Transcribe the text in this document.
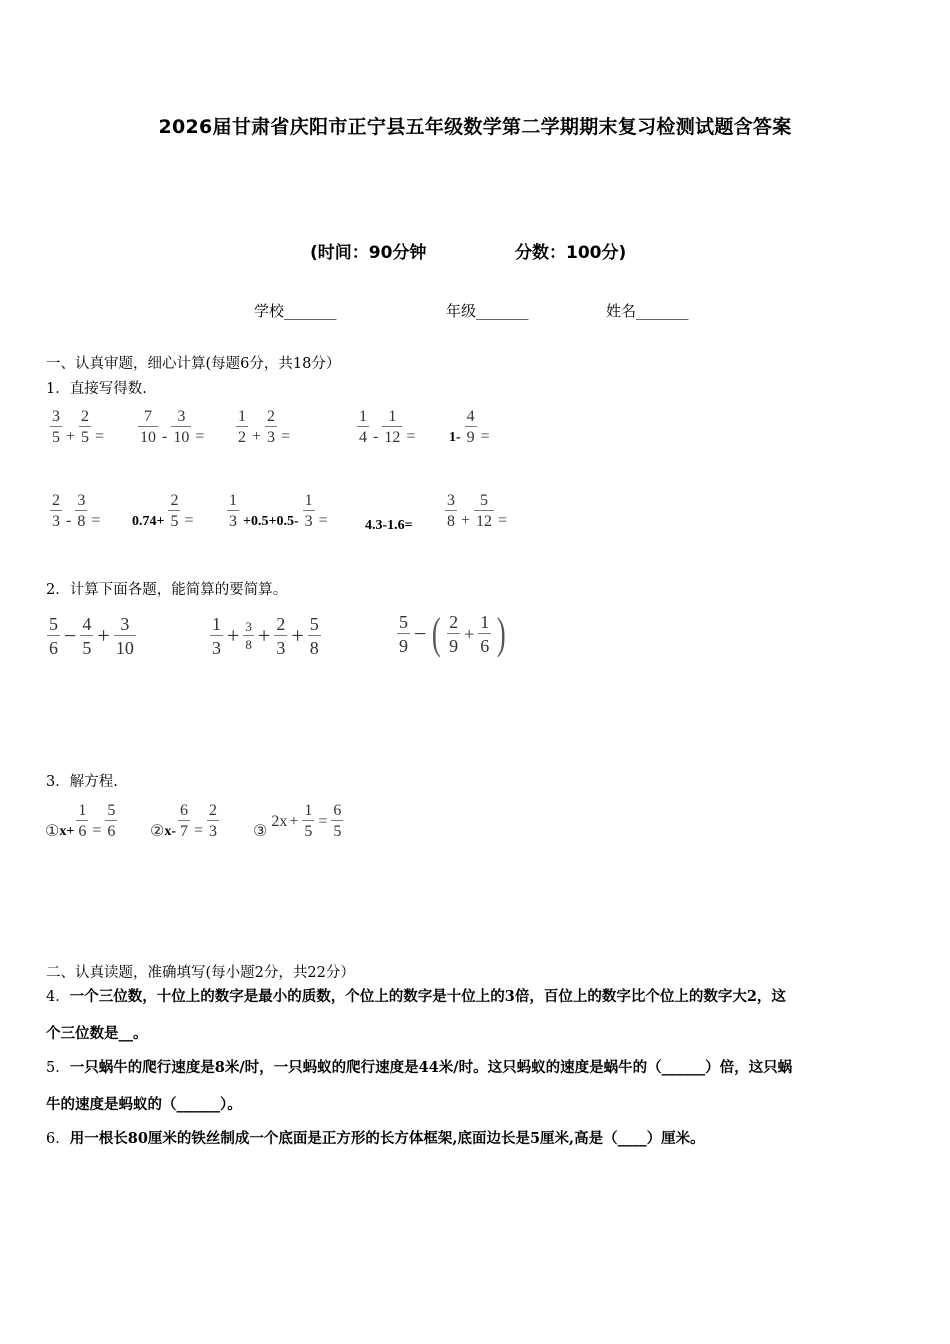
2026届甘肃省庆阳市正宁县五年级数学第二学期期末复习检测试题含答案
(时间：90分钟	分数：100分)
学校_______	年级_______	姓名_______
一、认真审题，细心计算(每题6分，共18分）
1．直接写得数.
$\frac{3}{5} + \frac{2}{5} = \frac{7}{10} - \frac{3}{10} = \frac{1}{2} + \frac{2}{3}$ =	$\frac{1}{4} - \frac{1}{12} = 1- \frac{4}{9}$ =
$\frac{2}{3} - \frac{3}{8} = 0.74+ \frac{2}{5} = \frac{1}{3} +0.5+0.5- \frac{1}{3}$ =	$4.3-1.6= \frac{3}{8} + \frac{5}{12}$ =
2．计算下面各题，能简算的要简算。
$\frac{5}{6} - \frac{4}{5} + \frac{3}{10}$	$\frac{1}{3} + \frac{3}{8} + \frac{2}{3} + \frac{5}{8}$	$\frac{5}{9}$ − ( $\frac{2}{9} + \frac{1}{6}$ )
3．解方程.
① $x+ \frac{1}{6} = \frac{5}{6}$ ② $x- \frac{6}{7} = \frac{2}{3}$ ③
$2x + \frac{1}{5} = \frac{6}{5}$
二、认真读题，准确填写(每小题2分，共22分）
4．一个三位数，十位上的数字是最小的质数，个位上的数字是十位上的3倍，百位上的数字比个位上的数字大2，这
个三位数是__。
5．一只蜗牛的爬行速度是8米/时，一只蚂蚁的爬行速度是44米/时。这只蚂蚁的速度是蜗牛的（______）倍，这只蜗
牛的速度是蚂蚁的（______）。
6．用一根长80厘米的铁丝制成一个底面是正方形的长方体框架,底面边长是5厘米,高是（____）厘米。
